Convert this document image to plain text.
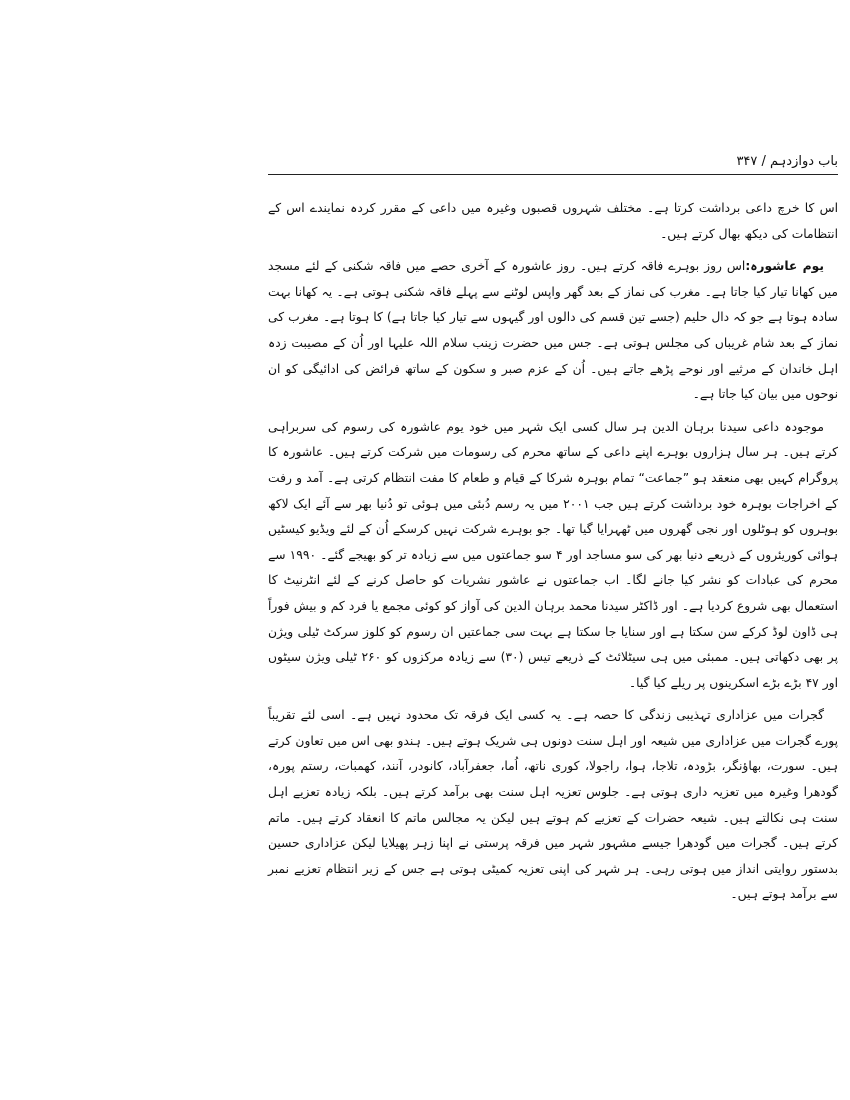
باب دوازدہم / ۳۴۷

اس کا خرچ داعی برداشت کرتا ہے۔ مختلف شہروں قصبوں وغیرہ میں داعی کے مقرر کردہ نمایندے اس کے انتظامات کی دیکھ بھال کرتے ہیں۔

یوم عاشورہ:اس روز بوہرے فاقہ کرتے ہیں۔ روز عاشورہ کے آخری حصے میں فاقہ شکنی کے لئے مسجد میں کھانا تیار کیا جاتا ہے۔ مغرب کی نماز کے بعد گھر واپس لوٹنے سے پہلے فاقہ شکنی ہوتی ہے۔ یہ کھانا بہت سادہ ہوتا ہے جو کہ دال حلیم (جسے تین قسم کی دالوں اور گیہوں سے تیار کیا جاتا ہے) کا ہوتا ہے۔ مغرب کی نماز کے بعد شام غریباں کی مجلس ہوتی ہے۔ جس میں حضرت زینب سلام اللہ علیہا اور اُن کے مصیبت زدہ اہل خاندان کے مرثیے اور نوحے پڑھے جاتے ہیں۔ اُن کے عزم صبر و سکون کے ساتھ فرائض کی ادائیگی کو ان نوحوں میں بیان کیا جاتا ہے۔

موجودہ داعی سیدنا برہان الدین ہر سال کسی ایک شہر میں خود یوم عاشورہ کی رسوم کی سربراہی کرتے ہیں۔ ہر سال ہزاروں بوہرے اپنے داعی کے ساتھ محرم کی رسومات میں شرکت کرتے ہیں۔ عاشورہ کا پروگرام کہیں بھی منعقد ہو ”جماعت“ تمام بوہرہ شرکا کے قیام و طعام کا مفت انتظام کرتی ہے۔ آمد و رفت کے اخراجات بوہرہ خود برداشت کرتے ہیں جب ۲۰۰۱ میں یہ رسم دُبئی میں ہوئی تو دُنیا بھر سے آئے ایک لاکھ بوہروں کو ہوٹلوں اور نجی گھروں میں ٹھہرایا گیا تھا۔ جو بوہرے شرکت نہیں کرسکے اُن کے لئے ویڈیو کیسٹیں ہوائی کوریئروں کے ذریعے دنیا بھر کی سو مساجد اور ۴ سو جماعتوں میں سے زیادہ تر کو بھیجے گئے۔ ۱۹۹۰ سے محرم کی عبادات کو نشر کیا جانے لگا۔ اب جماعتوں نے عاشور نشریات کو حاصل کرنے کے لئے انٹرنیٹ کا استعمال بھی شروع کردیا ہے۔ اور ڈاکٹر سیدنا محمد برہان الدین کی آواز کو کوئی مجمع یا فرد کم و بیش فوراً ہی ڈاون لوڈ کرکے سن سکتا ہے اور سنایا جا سکتا ہے بہت سی جماعتیں ان رسوم کو کلوز سرکٹ ٹیلی ویژن پر بھی دکھاتی ہیں۔ ممبئی میں ہی سیٹلائٹ کے ذریعے تیس (۳۰) سے زیادہ مرکزوں کو ۲۶۰ ٹیلی ویژن سیٹوں اور ۴۷ بڑے بڑے اسکرینوں پر ریلے کیا گیا۔

گجرات میں عزاداری تہذیبی زندگی کا حصہ ہے۔ یہ کسی ایک فرقہ تک محدود نہیں ہے۔ اسی لئے تقریباً پورے گجرات میں عزاداری میں شیعہ اور اہل سنت دونوں ہی شریک ہوتے ہیں۔ ہندو بھی اس میں تعاون کرتے ہیں۔ سورت، بھاؤنگر، بڑودہ، تلاجا، ہوا، راجولا، کوری ناتھ، اُما، جعفرآباد، کانودر، آنند، کھمبات، رستم پورہ، گودھرا وغیرہ میں تعزیہ داری ہوتی ہے۔ جلوس تعزیہ اہل سنت بھی برآمد کرتے ہیں۔ بلکہ زیادہ تعزیے اہل سنت ہی نکالتے ہیں۔ شیعہ حضرات کے تعزیے کم ہوتے ہیں لیکن یہ مجالس ماتم کا انعقاد کرتے ہیں۔ ماتم کرتے ہیں۔ گجرات میں گودھرا جیسے مشہور شہر میں فرقہ پرستی نے اپنا زہر پھیلایا لیکن عزاداری حسین بدستور روایتی انداز میں ہوتی رہی۔ ہر شہر کی اپنی تعزیہ کمیٹی ہوتی ہے جس کے زیر انتظام تعزیے نمبر سے برآمد ہوتے ہیں۔
